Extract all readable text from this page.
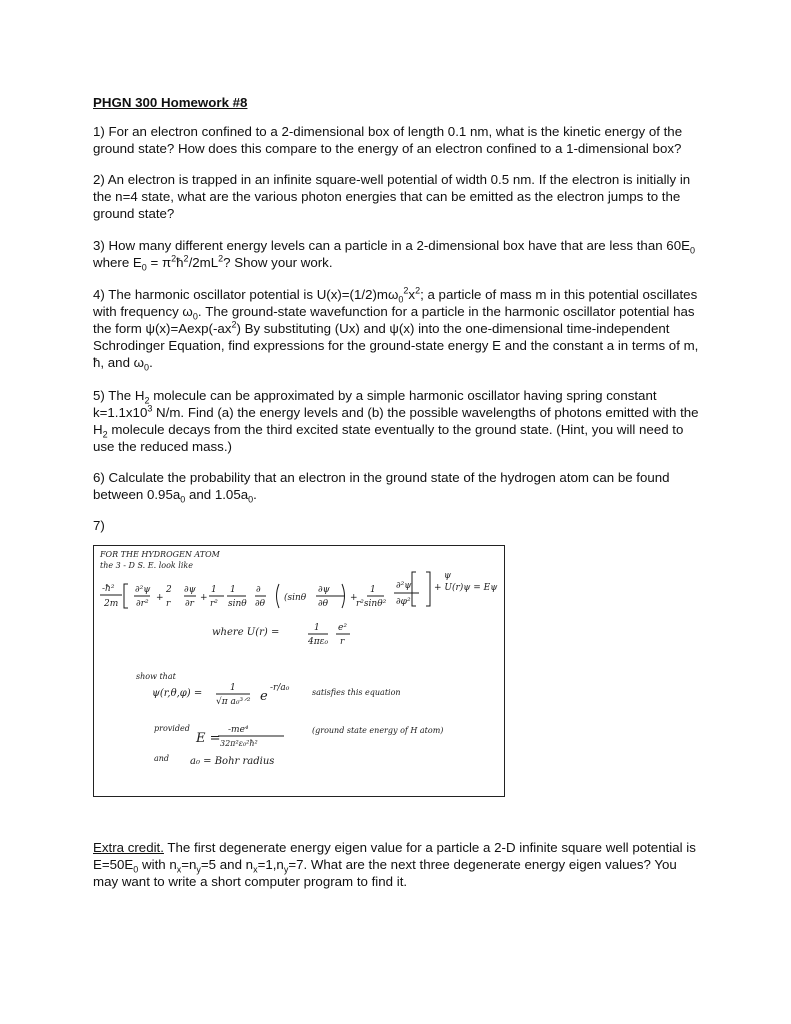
PHGN 300 Homework #8
1) For an electron confined to a 2-dimensional box of length 0.1 nm, what is the kinetic energy of the ground state? How does this compare to the energy of an electron confined to a 1-dimensional box?
2) An electron is trapped in an infinite square-well potential of width 0.5 nm. If the electron is initially in the n=4 state, what are the various photon energies that can be emitted as the electron jumps to the ground state?
3) How many different energy levels can a particle in a 2-dimensional box have that are less than $60E_0$
where $E_0$ = $\pi^2ħ^2/2mL^2$? Show your work.
4) The harmonic oscillator potential is $U(x)=(1/2)m\omega_0^2x^2$; a particle of mass m in this potential oscillates with frequency $\omega_0$. The ground-state wavefunction for a particle in the harmonic oscillator potential has the form $\psi(x)=Aexp(-ax^2)$ By substituting (Ux) and ψ(x) into the one-dimensional time-independent Schrodinger Equation, find expressions for the ground-state energy E and the constant a in terms of m, ħ, and $\omega_0$.
5) The $H_2$ molecule can be approximated by a simple harmonic oscillator having spring constant $k=1.1x10^3$ N/m. Find (a) the energy levels and (b) the possible wavelengths of photons emitted with the $H_2$ molecule decays from the third excited state eventually to the ground state. (Hint, you will need to use the reduced mass.)
6) Calculate the probability that an electron in the ground state of the hydrogen atom can be found between $0.95a_0$ and $1.05a_0$.
7)
FOR THE HYDROGEN ATOM
the 3 - D S. E. look like
-ħ²
2m
∂²ψ
∂r²
+
2
r
∂ψ
∂r
+
1
r²
1
sinθ
∂
∂θ
(sinθ
∂ψ
∂θ
+
1
r²sinθ²
∂²ψ
∂φ²
+ U(r)ψ = Eψ
ψ
where U(r) =	1
4πε₀
e²
r
show that
ψ(r,θ,φ) =	1
√π a₀³ᐟ² e
-r/a₀	satisfies this equation
provided
E =
-me⁴
32π²ε₀²ħ²
(ground state energy of H atom)
and a₀ = Bohr radius
Extra credit. The first degenerate energy eigen value for a particle a 2-D infinite square well potential is $E=50E_0$ with $n_x=n_y=5$ and $n_x=1,n_y=7$. What are the next three degenerate energy eigen values? You may want to write a short computer program to find it.
